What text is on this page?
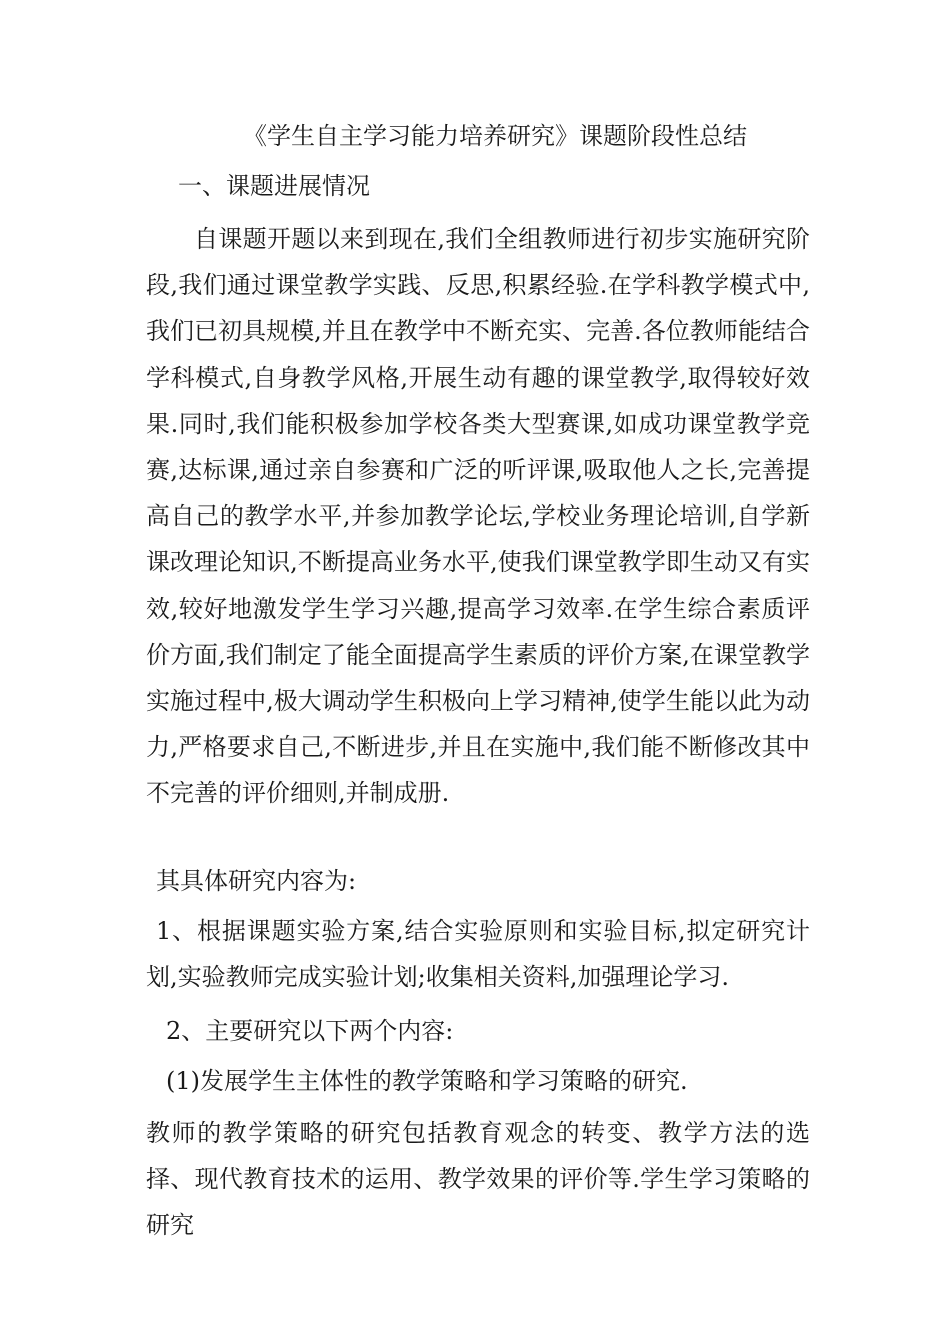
《学生自主学习能力培养研究》课题阶段性总结
一、课题进展情况
自课题开题以来到现在,我们全组教师进行初步实施研究阶段,我们通过课堂教学实践、反思,积累经验.在学科教学模式中,我们已初具规模,并且在教学中不断充实、完善.各位教师能结合学科模式,自身教学风格,开展生动有趣的课堂教学,取得较好效果.同时,我们能积极参加学校各类大型赛课,如成功课堂教学竞赛,达标课,通过亲自参赛和广泛的听评课,吸取他人之长,完善提高自己的教学水平,并参加教学论坛,学校业务理论培训,自学新课改理论知识,不断提高业务水平,使我们课堂教学即生动又有实效,较好地激发学生学习兴趣,提高学习效率.在学生综合素质评价方面,我们制定了能全面提高学生素质的评价方案,在课堂教学实施过程中,极大调动学生积极向上学习精神,使学生能以此为动力,严格要求自己,不断进步,并且在实施中,我们能不断修改其中不完善的评价细则,并制成册.
其具体研究内容为:
1、根据课题实验方案,结合实验原则和实验目标,拟定研究计划,实验教师完成实验计划;收集相关资料,加强理论学习.
2、主要研究以下两个内容:
(1)发展学生主体性的教学策略和学习策略的研究.
教师的教学策略的研究包括教育观念的转变、教学方法的选择、现代教育技术的运用、教学效果的评价等.学生学习策略的研究
